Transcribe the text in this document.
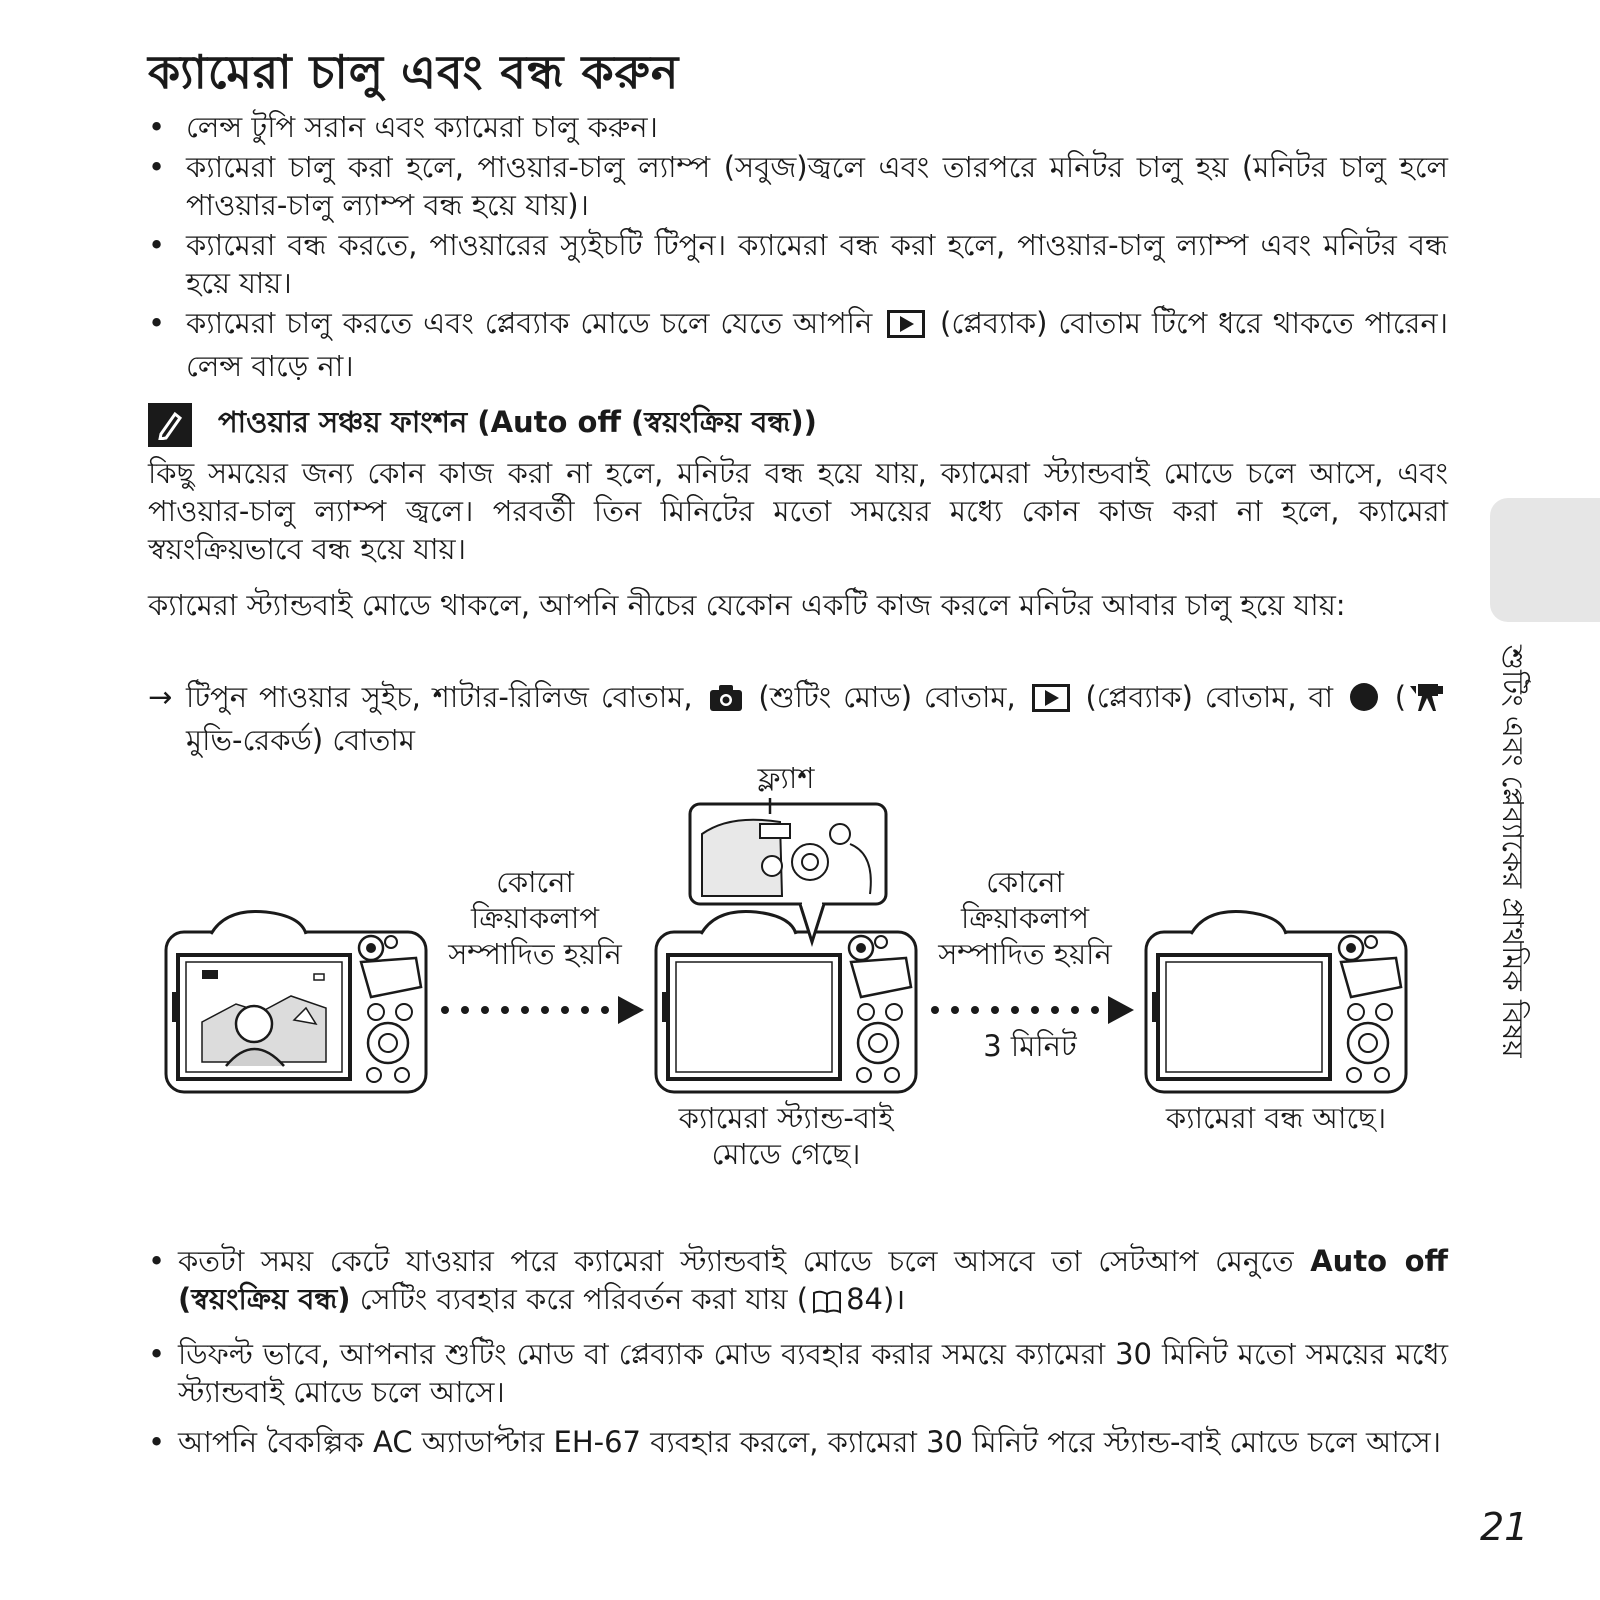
ক্যামেরা চালু এবং বন্ধ করুন
• লেন্স টুপি সরান এবং ক্যামেরা চালু করুন।
• ক্যামেরা চালু করা হলে, পাওয়ার-চালু ল্যাম্প (সবুজ)জ্বলে এবং তারপরে মনিটর চালু হয় (মনিটর চালু হলে পাওয়ার-চালু ল্যাম্প বন্ধ হয়ে যায়)।
• ক্যামেরা বন্ধ করতে, পাওয়ারের স্যুইচটি টিপুন। ক্যামেরা বন্ধ করা হলে, পাওয়ার-চালু ল্যাম্প এবং মনিটর বন্ধ হয়ে যায়।
• ক্যামেরা চালু করতে এবং প্লেব্যাক মোডে চলে যেতে আপনি (প্লেব্যাক) বোতাম টিপে ধরে থাকতে পারেন। লেন্স বাড়ে না।
পাওয়ার সঞ্চয় ফাংশন (Auto off (স্বয়ংক্রিয় বন্ধ))
কিছু সময়ের জন্য কোন কাজ করা না হলে, মনিটর বন্ধ হয়ে যায়, ক্যামেরা স্ট্যান্ডবাই মোডে চলে আসে, এবং পাওয়ার-চালু ল্যাম্প জ্বলে। পরবর্তী তিন মিনিটের মতো সময়ের মধ্যে কোন কাজ করা না হলে, ক্যামেরা স্বয়ংক্রিয়ভাবে বন্ধ হয়ে যায়।
ক্যামেরা স্ট্যান্ডবাই মোডে থাকলে, আপনি নীচের যেকোন একটি কাজ করলে মনিটর আবার চালু হয়ে যায়:
→ টিপুন পাওয়ার সুইচ, শাটার-রিলিজ বোতাম, (শুটিং মোড) বোতাম, (প্লেব্যাক) বোতাম, বা ( মুভি-রেকর্ড) বোতাম
ফ্ল্যাশ
কোনো
ক্রিয়াকলাপ
সম্পাদিত হয়নি
কোনো
ক্রিয়াকলাপ
সম্পাদিত হয়নি
3 মিনিট
ক্যামেরা স্ট্যান্ড-বাই
মোডে গেছে।
ক্যামেরা বন্ধ আছে।
• কতটা সময় কেটে যাওয়ার পরে ক্যামেরা স্ট্যান্ডবাই মোডে চলে আসবে তা সেটআপ মেনুতে Auto off (স্বয়ংক্রিয় বন্ধ) সেটিং ব্যবহার করে পরিবর্তন করা যায় ( 84)।
• ডিফল্ট ভাবে, আপনার শুটিং মোড বা প্লেব্যাক মোড ব্যবহার করার সময়ে ক্যামেরা 30 মিনিট মতো সময়ের মধ্যে স্ট্যান্ডবাই মোডে চলে আসে।
• আপনি বৈকল্পিক AC অ্যাডাপ্টার EH-67 ব্যবহার করলে, ক্যামেরা 30 মিনিট পরে স্ট্যান্ড-বাই মোডে চলে আসে।
শুটিং এবং প্লেব্যাকের প্রাথমিক বিষয়
21
